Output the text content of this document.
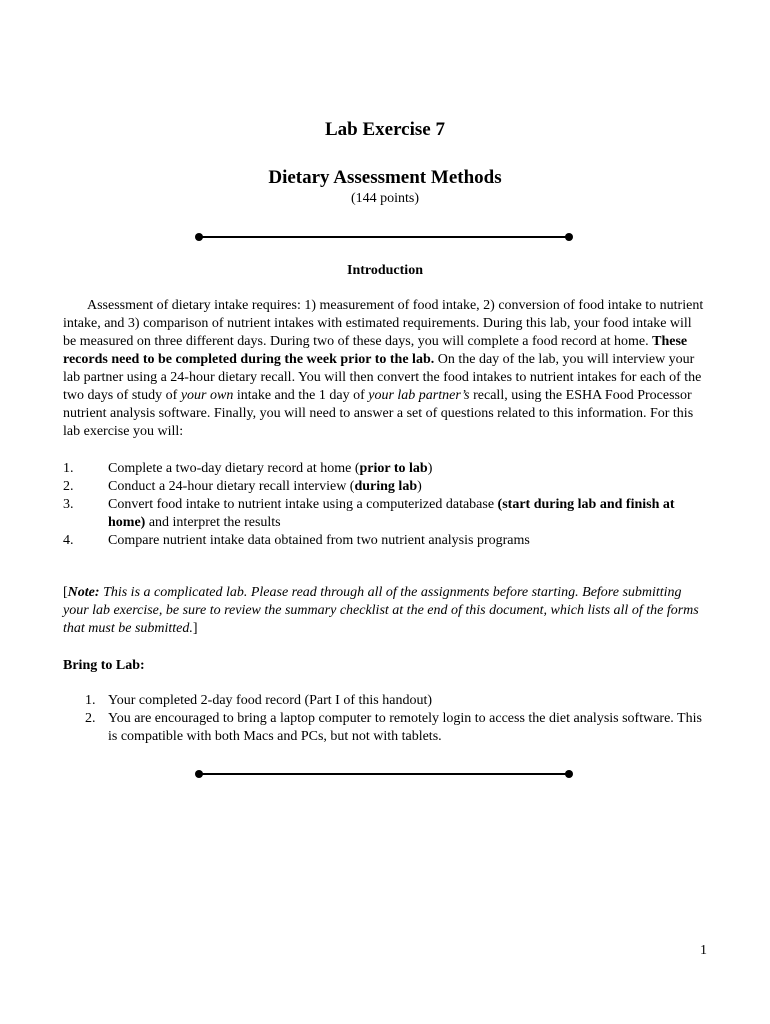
Lab Exercise 7
Dietary Assessment Methods
(144 points)
Introduction
Assessment of dietary intake requires: 1) measurement of food intake, 2) conversion of food intake to nutrient intake, and 3) comparison of nutrient intakes with estimated requirements. During this lab, your food intake will be measured on three different days. During two of these days, you will complete a food record at home. These records need to be completed during the week prior to the lab. On the day of the lab, you will interview your lab partner using a 24-hour dietary recall. You will then convert the food intakes to nutrient intakes for each of the two days of study of your own intake and the 1 day of your lab partner’s recall, using the ESHA Food Processor nutrient analysis software. Finally, you will need to answer a set of questions related to this information. For this lab exercise you will:
1. Complete a two-day dietary record at home (prior to lab)
2. Conduct a 24-hour dietary recall interview (during lab)
3. Convert food intake to nutrient intake using a computerized database (start during lab and finish at home) and interpret the results
4. Compare nutrient intake data obtained from two nutrient analysis programs
[Note: This is a complicated lab. Please read through all of the assignments before starting. Before submitting your lab exercise, be sure to review the summary checklist at the end of this document, which lists all of the forms that must be submitted.]
Bring to Lab:
1. Your completed 2-day food record (Part I of this handout)
2. You are encouraged to bring a laptop computer to remotely login to access the diet analysis software. This is compatible with both Macs and PCs, but not with tablets.
1
